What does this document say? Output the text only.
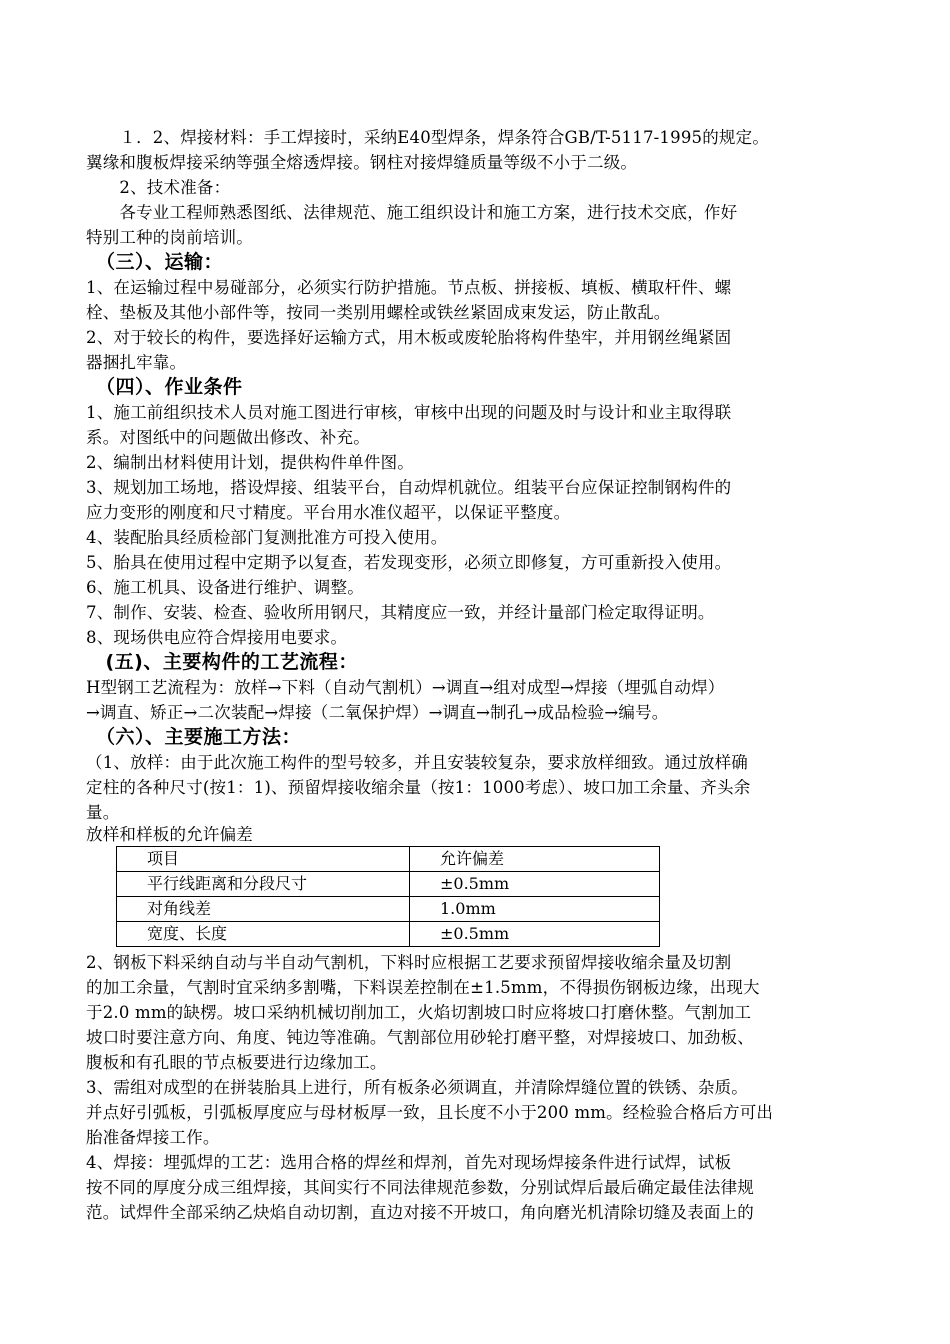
　　１．2、焊接材料：手工焊接时，采纳E40型焊条，焊条符合GB/T-5117-1995的规定。
翼缘和腹板焊接采纳等强全熔透焊接。钢柱对接焊缝质量等级不小于二级。
　　2、技术准备：
　　各专业工程师熟悉图纸、法律规范、施工组织设计和施工方案，进行技术交底，作好
特别工种的岗前培训。
　（三）、运输：
1、在运输过程中易碰部分，必须实行防护措施。节点板、拼接板、填板、横取杆件、螺
栓、垫板及其他小部件等，按同一类别用螺栓或铁丝紧固成束发运，防止散乱。
2、对于较长的构件，要选择好运输方式，用木板或废轮胎将构件垫牢，并用钢丝绳紧固
器捆扎牢靠。
　（四）、作业条件
1、施工前组织技术人员对施工图进行审核，审核中出现的问题及时与设计和业主取得联
系。对图纸中的问题做出修改、补充。
2、编制出材料使用计划，提供构件单件图。
3、规划加工场地，搭设焊接、组装平台，自动焊机就位。组装平台应保证控制钢构件的
应力变形的刚度和尺寸精度。平台用水准仪超平，以保证平整度。
4、装配胎具经质检部门复测批准方可投入使用。
5、胎具在使用过程中定期予以复查，若发现变形，必须立即修复，方可重新投入使用。
6、施工机具、设备进行维护、调整。
7、制作、安装、检查、验收所用钢尺，其精度应一致，并经计量部门检定取得证明。
8、现场供电应符合焊接用电要求。
　(五)、主要构件的工艺流程：
H型钢工艺流程为：放样→下料（自动气割机）→调直→组对成型→焊接（埋弧自动焊）
→调直、矫正→二次装配→焊接（二氧保护焊）→调直→制孔→成品检验→编号。
　（六）、主要施工方法：
（1、放样：由于此次施工构件的型号较多，并且安装较复杂，要求放样细致。通过放样确
定柱的各种尺寸(按1：1)、预留焊接收缩余量（按1：1000考虑）、坡口加工余量、齐头余
量。
放样和样板的允许偏差
项目	允许偏差
平行线距离和分段尺寸	±0.5mm
对角线差	1.0mm
宽度、长度	±0.5mm
2、钢板下料采纳自动与半自动气割机，下料时应根据工艺要求预留焊接收缩余量及切割
的加工余量，气割时宜采纳多割嘴，下料误差控制在±1.5mm，不得损伤钢板边缘，出现大
于2.0 mm的缺楞。坡口采纳机械切削加工，火焰切割坡口时应将坡口打磨休整。气割加工
坡口时要注意方向、角度、钝边等准确。气割部位用砂轮打磨平整，对焊接坡口、加劲板、
腹板和有孔眼的节点板要进行边缘加工。
3、需组对成型的在拼装胎具上进行，所有板条必须调直，并清除焊缝位置的铁锈、杂质。
并点好引弧板，引弧板厚度应与母材板厚一致，且长度不小于200 mm。经检验合格后方可出
胎准备焊接工作。
4、焊接：埋弧焊的工艺：选用合格的焊丝和焊剂，首先对现场焊接条件进行试焊，试板
按不同的厚度分成三组焊接，其间实行不同法律规范参数，分别试焊后最后确定最佳法律规
范。试焊件全部采纳乙炔焰自动切割，直边对接不开坡口，角向磨光机清除切缝及表面上的
